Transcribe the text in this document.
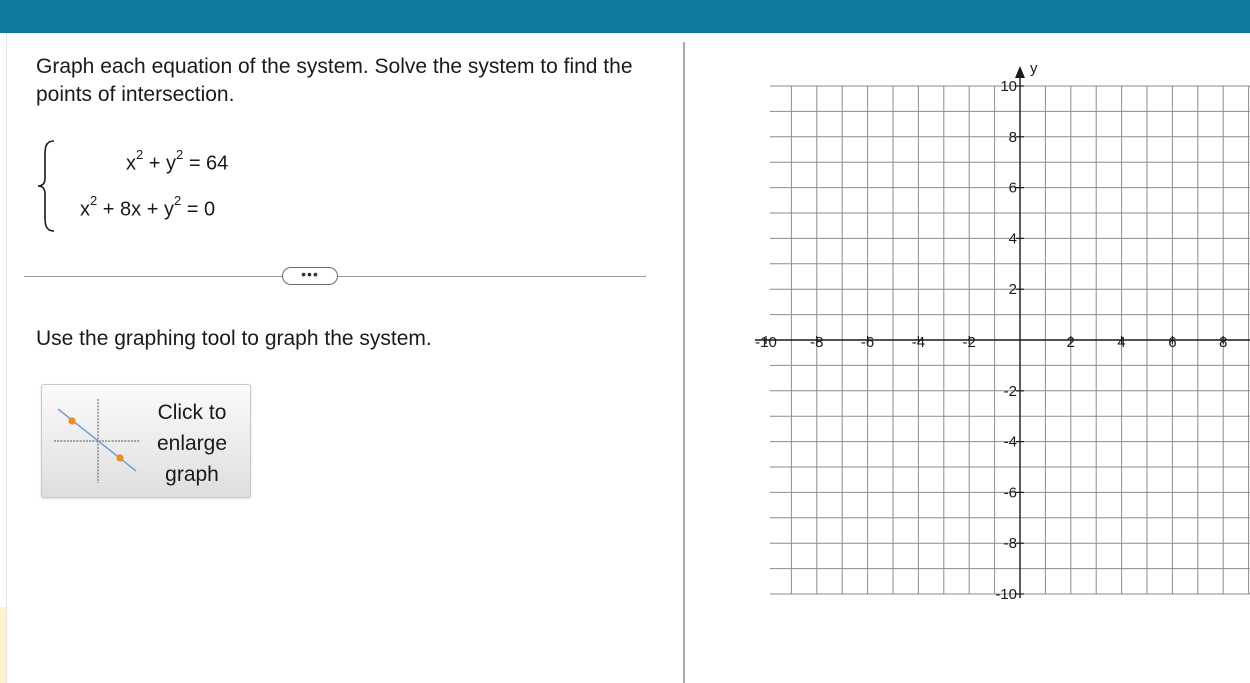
Graph each equation of the system. Solve the system to find the points of intersection.
$x^2 + y^2 = 64$
$x^2 + 8x + y^2 = 0$
•••
Use the graphing tool to graph the system.
Click to enlarge graph
-10 -8 -6 -4 -2	2	4	6	8
10
8
6
4
2
-2
-4
-6
-8
-10
y
